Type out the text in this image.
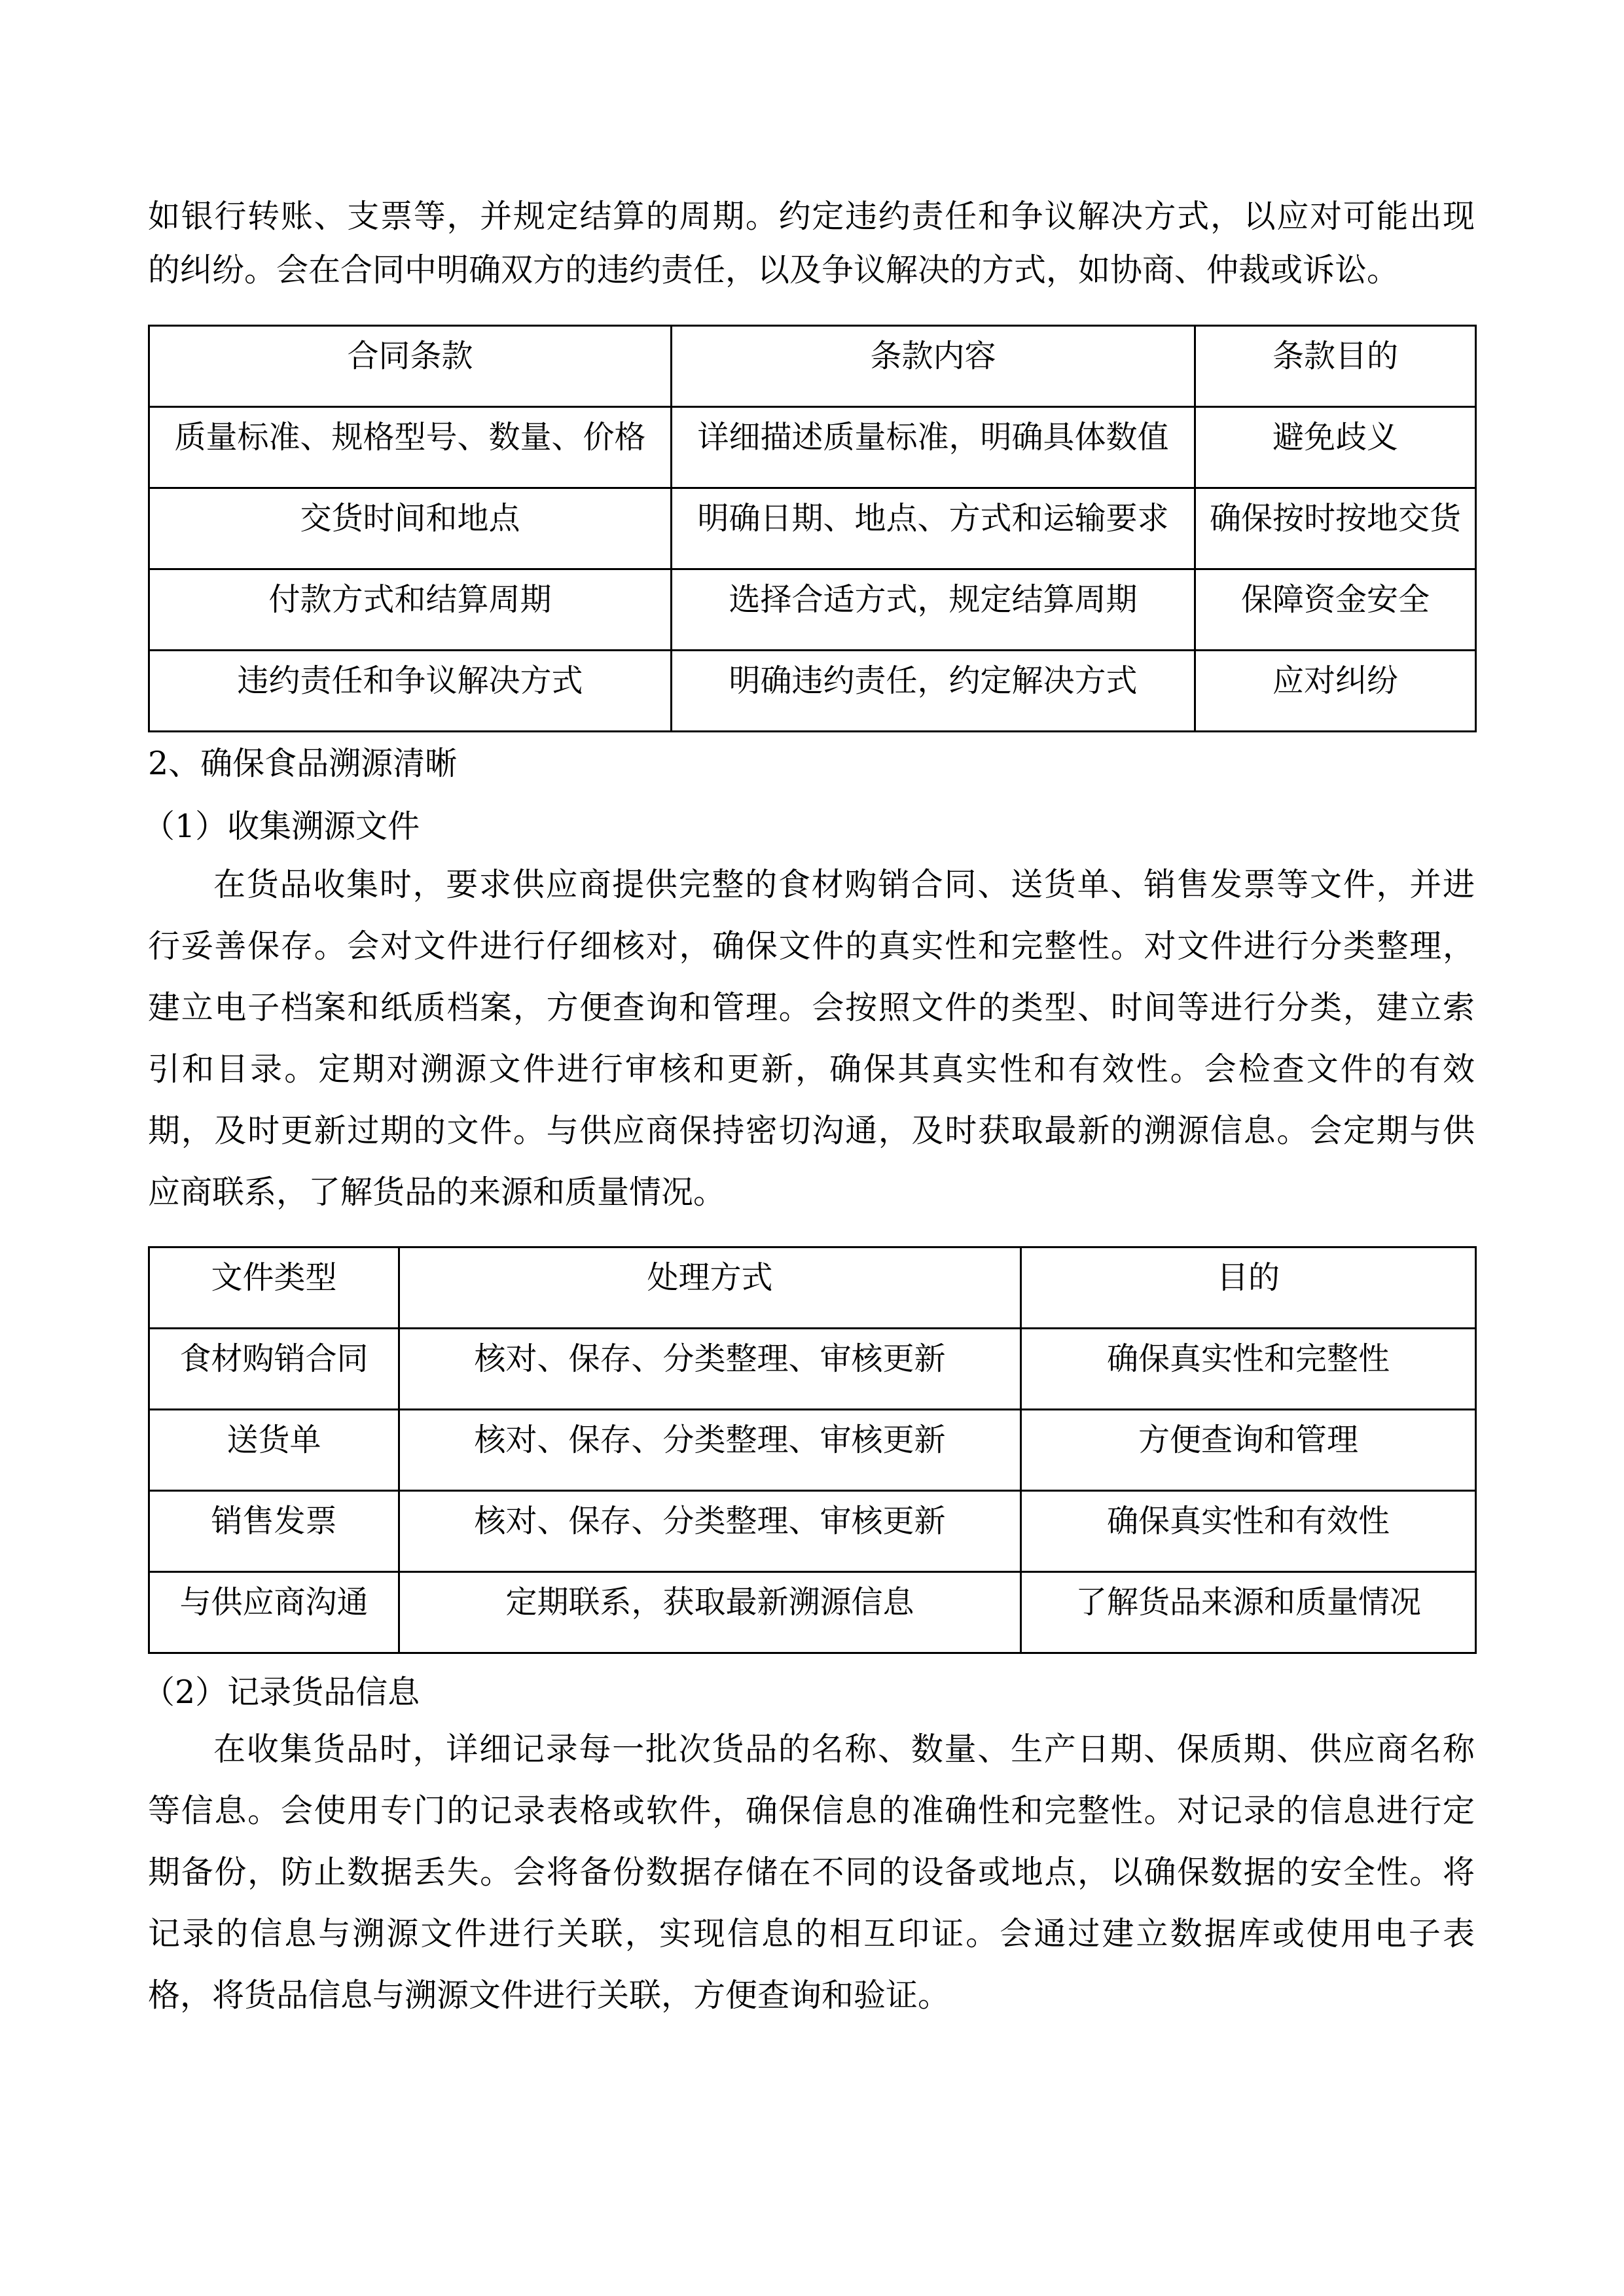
2、确保食品溯源清晰
（1）收集溯源文件
（2）记录货品信息
合同条款	条款内容	条款目的
质量标准、规格型号、数量、价格	详细描述质量标准，明确具体数值	避免歧义
交货时间和地点	明确日期、地点、方式和运输要求	确保按时按地交货
付款方式和结算周期	选择合适方式，规定结算周期	保障资金安全
违约责任和争议解决方式	明确违约责任，约定解决方式	应对纠纷
文件类型	处理方式	目的
食材购销合同	核对、保存、分类整理、审核更新	确保真实性和完整性
送货单	核对、保存、分类整理、审核更新	方便查询和管理
销售发票	核对、保存、分类整理、审核更新	确保真实性和有效性
与供应商沟通	定期联系，获取最新溯源信息	了解货品来源和质量情况
如银行转账、支票等，并规定结算的周期。约定违约责任和争议解决方式，以应对可能出现
的纠纷。会在合同中明确双方的违约责任，以及争议解决的方式，如协商、仲裁或诉讼。
在货品收集时，要求供应商提供完整的食材购销合同、送货单、销售发票等文件，并进
行妥善保存。会对文件进行仔细核对，确保文件的真实性和完整性。对文件进行分类整理，
建立电子档案和纸质档案，方便查询和管理。会按照文件的类型、时间等进行分类，建立索
引和目录。定期对溯源文件进行审核和更新，确保其真实性和有效性。会检查文件的有效
期，及时更新过期的文件。与供应商保持密切沟通，及时获取最新的溯源信息。会定期与供
应商联系，了解货品的来源和质量情况。
在收集货品时，详细记录每一批次货品的名称、数量、生产日期、保质期、供应商名称
等信息。会使用专门的记录表格或软件，确保信息的准确性和完整性。对记录的信息进行定
期备份，防止数据丢失。会将备份数据存储在不同的设备或地点，以确保数据的安全性。将
记录的信息与溯源文件进行关联，实现信息的相互印证。会通过建立数据库或使用电子表
格，将货品信息与溯源文件进行关联，方便查询和验证。
